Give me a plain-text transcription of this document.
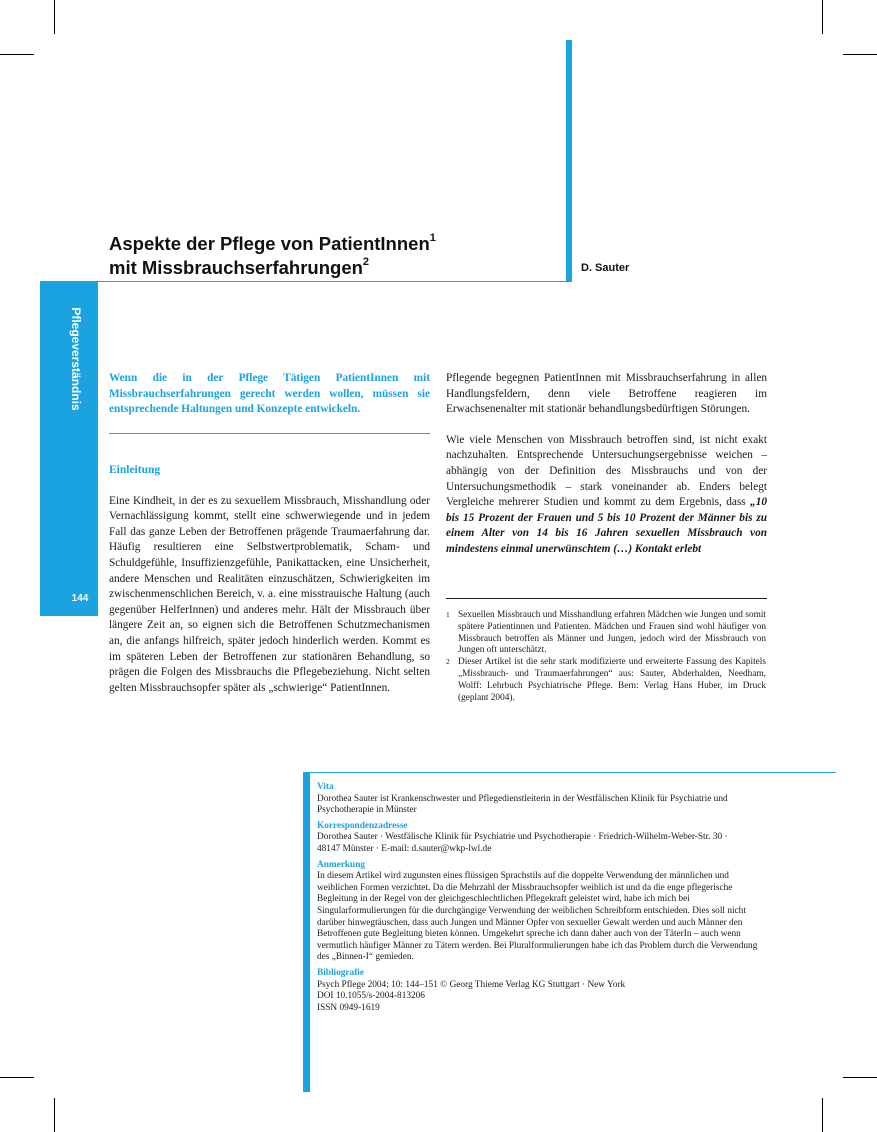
Aspekte der Pflege von PatientInnen$^1$
mit Missbrauchserfahrungen$^2$	D. Sauter
Pflegeverständnis
144

Wenn die in der Pflege Tätigen PatientInnen mit Missbrauchserfahrungen gerecht werden wollen, müssen sie entsprechende Haltungen und Konzepte entwickeln.

Einleitung

Eine Kindheit, in der es zu sexuellem Missbrauch, Misshandlung oder Vernachlässigung kommt, stellt eine schwerwiegende und in jedem Fall das ganze Leben der Betroffenen prägende Traumaerfahrung dar. Häufig resultieren eine Selbstwertproblematik, Scham- und Schuldgefühle, Insuffizienzgefühle, Panikattacken, eine Unsicherheit, andere Menschen und Realitäten einzuschätzen, Schwierigkeiten im zwischenmenschlichen Bereich, v. a. eine misstrauische Haltung (auch gegenüber HelferInnen) und anderes mehr. Hält der Missbrauch über längere Zeit an, so eignen sich die Betroffenen Schutzmechanismen an, die anfangs hilfreich, später jedoch hinderlich werden. Kommt es im späteren Leben der Betroffenen zur stationären Behandlung, so prägen die Folgen des Missbrauchs die Pflegebeziehung. Nicht selten gelten Missbrauchsopfer später als „schwierige“ PatientInnen.

Pflegende begegnen PatientInnen mit Missbrauchserfahrung in allen Handlungsfeldern, denn viele Betroffene reagieren im Erwachsenenalter mit stationär behandlungsbedürftigen Störungen.

Wie viele Menschen von Missbrauch betroffen sind, ist nicht exakt nachzuhalten. Entsprechende Untersuchungsergebnisse weichen – abhängig von der Definition des Missbrauchs und von der Untersuchungsmethodik – stark voneinander ab. Enders belegt Vergleiche mehrerer Studien und kommt zu dem Ergebnis, dass „10 bis 15 Prozent der Frauen und 5 bis 10 Prozent der Männer bis zu einem Alter von 14 bis 16 Jahren sexuellen Missbrauch von mindestens einmal unerwünschtem (…) Kontakt erlebt

1 Sexuellen Missbrauch und Misshandlung erfahren Mädchen wie Jungen und somit spätere Patientinnen und Patienten. Mädchen und Frauen sind wohl häufiger von Missbrauch betroffen als Männer und Jungen, jedoch wird der Missbrauch von Jungen oft unterschätzt.

2 Dieser Artikel ist die sehr stark modifizierte und erweiterte Fassung des Kapitels „Missbrauch- und Traumaerfahrungen“ aus: Sauter, Abderhalden, Needham, Wolff: Lehrbuch Psychiatrische Pflege. Bern: Verlag Hans Huber, im Druck (geplant 2004).

Vita

Dorothea Sauter ist Krankenschwester und Pflegedienstleiterin in der Westfälischen Klinik für Psychiatrie und Psychotherapie in Münster

Korrespondenzadresse

Dorothea Sauter · Westfälische Klinik für Psychiatrie und Psychotherapie · Friedrich-Wilhelm-Weber-Str. 30 ·
48147 Münster · E-mail: d.sauter@wkp-lwl.de

Anmerkung

In diesem Artikel wird zugunsten eines flüssigen Sprachstils auf die doppelte Verwendung der männlichen und weiblichen Formen verzichtet. Da die Mehrzahl der Missbrauchsopfer weiblich ist und da die enge pflegerische Begleitung in der Regel von der gleichgeschlechtlichen Pflegekraft geleistet wird, habe ich mich bei Singularformulierungen für die durchgängige Verwendung der weiblichen Schreibform entschieden. Dies soll nicht darüber hinwegtäuschen, dass auch Jungen und Männer Opfer von sexueller Gewalt werden und auch Männer den Betroffenen gute Begleitung bieten können. Umgekehrt spreche ich dann daher auch von der TäterIn – auch wenn vermutlich häufiger Männer zu Tätern werden. Bei Pluralformulierungen habe ich das Problem durch die Verwendung des „Binnen-I“ gemieden.

Bibliografie

Psych Pflege 2004; 10: 144–151 © Georg Thieme Verlag KG Stuttgart · New York
DOI 10.1055/s-2004-813206
ISSN 0949-1619
